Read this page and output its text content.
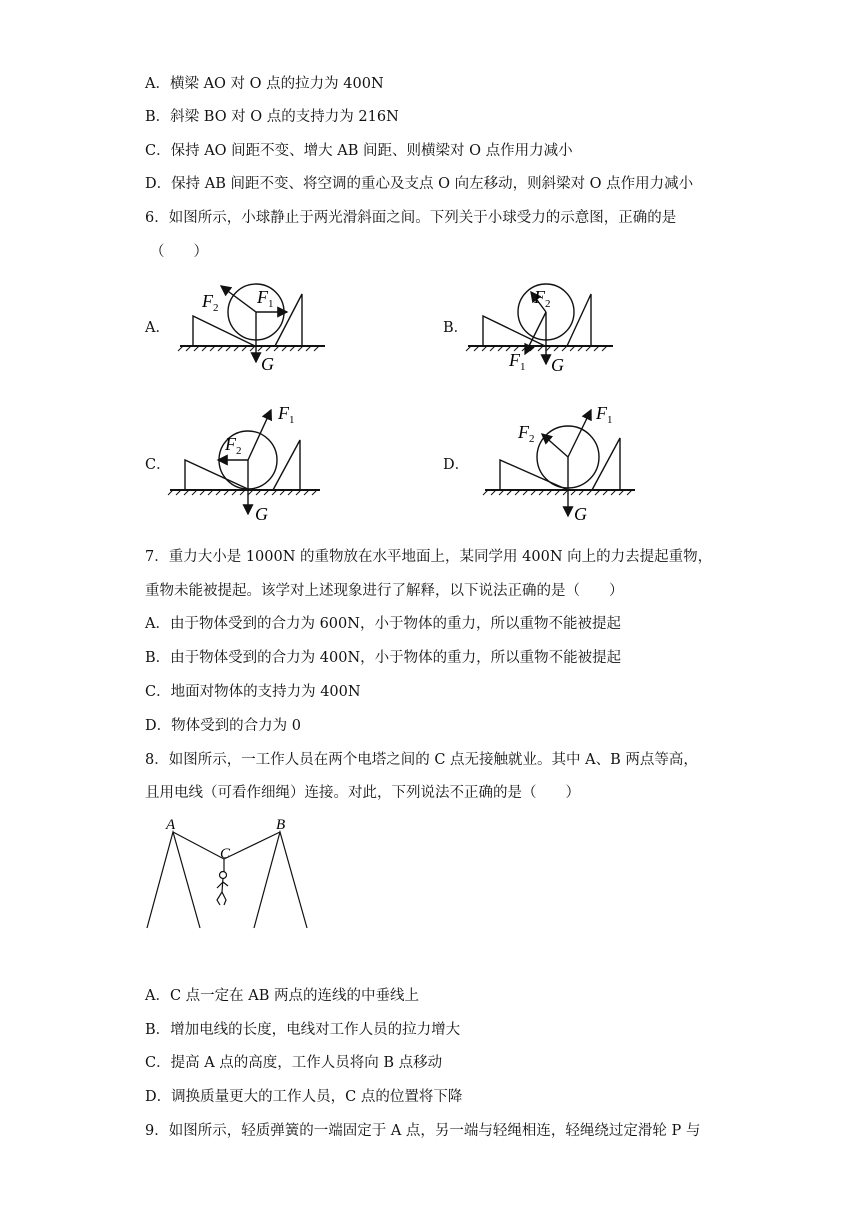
A．横梁 AO 对 O 点的拉力为 400N
B．斜梁 BO 对 O 点的支持力为 216N
C．保持 AO 间距不变、增大 AB 间距、则横梁对 O 点作用力减小
D．保持 AB 间距不变、将空调的重心及支点 O 向左移动，则斜梁对 O 点作用力减小
6．如图所示，小球静止于两光滑斜面之间。下列关于小球受力的示意图，正确的是
（　　）
A．	B．
C．	D．
F 2
F 1
G
F 2
F 1 G
F 1
F 2
G
F 1
F 2
G
7．重力大小是 1000N 的重物放在水平地面上，某同学用 400N 向上的力去提起重物，
重物未能被提起。该学对上述现象进行了解释，以下说法正确的是（　　）
A．由于物体受到的合力为 600N，小于物体的重力，所以重物不能被提起
B．由于物体受到的合力为 400N，小于物体的重力，所以重物不能被提起
C．地面对物体的支持力为 400N
D．物体受到的合力为 0
8．如图所示，一工作人员在两个电塔之间的 C 点无接触就业。其中 A、B 两点等高，
且用电线（可看作细绳）连接。对此，下列说法不正确的是（　　）
A	B
C
A．C 点一定在 AB 两点的连线的中垂线上
B．增加电线的长度，电线对工作人员的拉力增大
C．提高 A 点的高度，工作人员将向 B 点移动
D．调换质量更大的工作人员，C 点的位置将下降
9．如图所示，轻质弹簧的一端固定于 A 点，另一端与轻绳相连，轻绳绕过定滑轮 P 与
